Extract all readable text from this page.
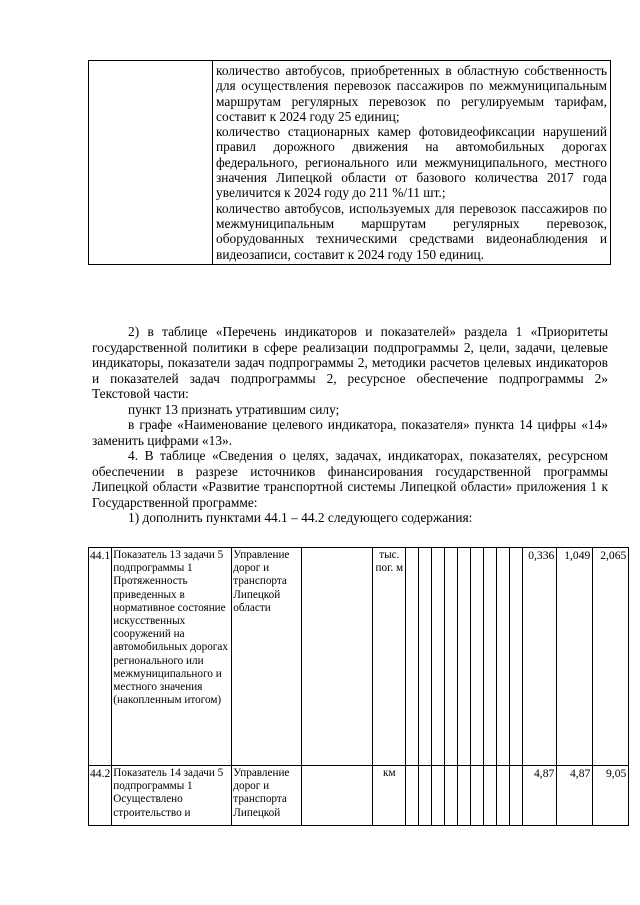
количество автобусов, приобретенных в областную собственность для осуществления перевозок пассажиров по межмуниципальным маршрутам регулярных перевозок по регулируемым тарифам, составит к 2024 году 25 единиц;

количество стационарных камер фотовидеофиксации нарушений правил дорожного движения на автомобильных дорогах федерального, регионального или межмуниципального, местного значения Липецкой области от базового количества 2017 года увеличится к 2024 году до 211 %/11 шт.;

количество автобусов, используемых для перевозок пассажиров по межмуниципальным маршрутам регулярных перевозок, оборудованных техническими средствами видеонаблюдения и видеозаписи, составит к 2024 году 150 единиц.

2) в таблице «Перечень индикаторов и показателей» раздела 1 «Приоритеты государственной политики в сфере реализации подпрограммы 2, цели, задачи, целевые индикаторы, показатели задач подпрограммы 2, методики расчетов целевых индикаторов и показателей задач подпрограммы 2, ресурсное обеспечение подпрограммы 2» Текстовой части:

пункт 13 признать утратившим силу;

в графе «Наименование целевого индикатора, показателя» пункта 14 цифры «14» заменить цифрами «13».

4. В таблице «Сведения о целях, задачах, индикаторах, показателях, ресурсном обеспечении в разрезе источников финансирования государственной программы Липецкой области «Развитие транспортной системы Липецкой области» приложения 1 к Государственной программе:

1) дополнить пунктами 44.1 – 44.2 следующего содержания:

44.1	Показатель 13 задачи 5 подпрограммы 1 Протяженность приведенных в нормативное состояние искусственных сооружений на автомобильных дорогах регионального или межмуниципального и местного значения (накопленным итогом)	Управление дорог и транспорта Липецкой области		тыс. пог. м										0,336	1,049	2,065
44.2	Показатель 14 задачи 5 подпрограммы 1 Осуществлено строительство и	Управление дорог и транспорта Липецкой		км										4,87	4,87	9,05
